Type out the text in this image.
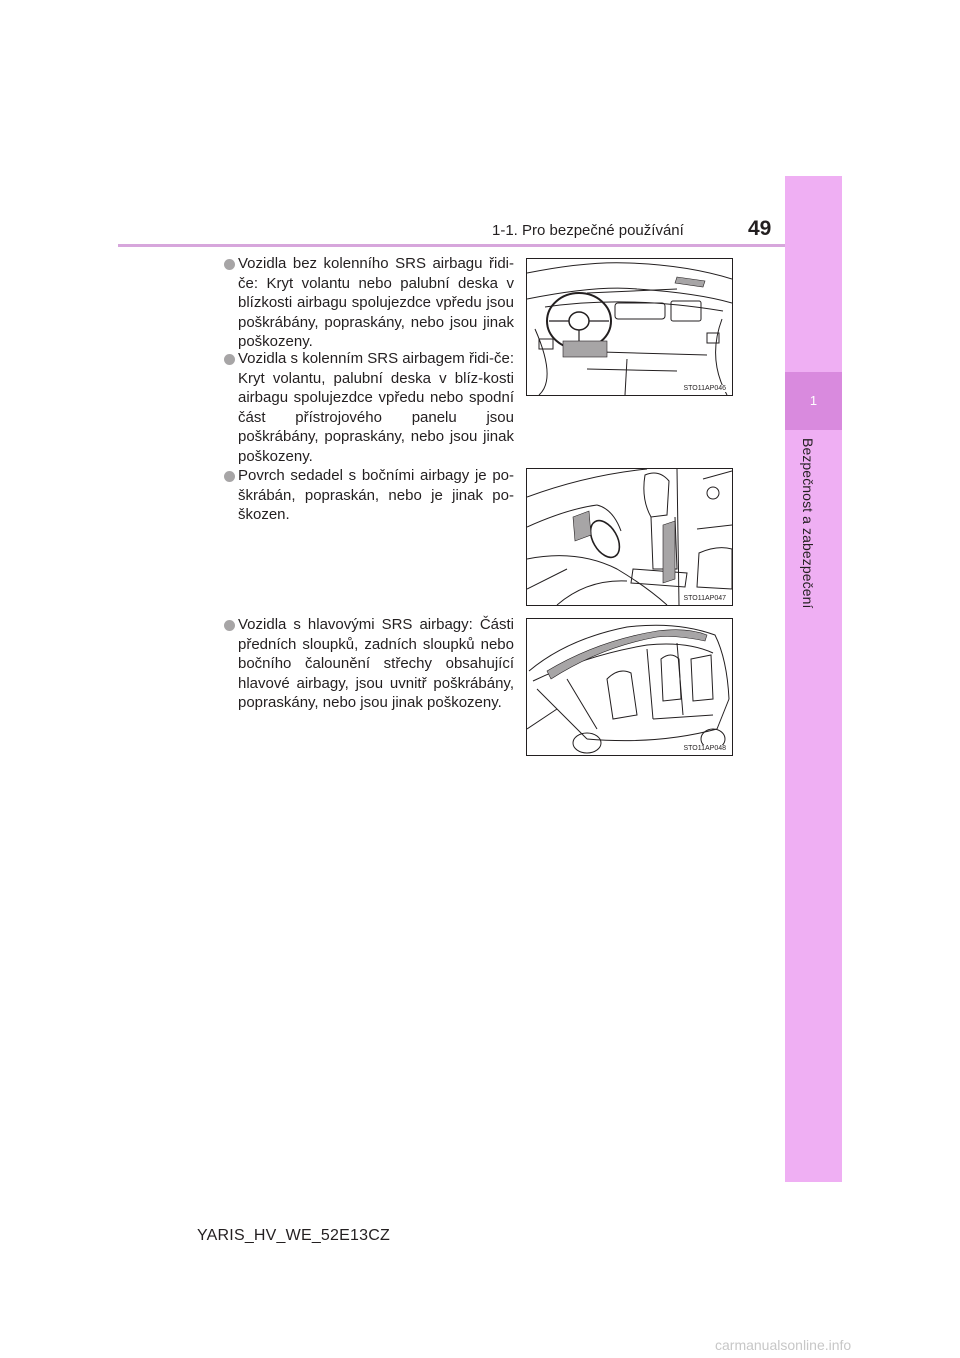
1-1. Pro bezpečné používání	49
1
Bezpečnost a zabezpečení
Vozidla bez kolenního SRS airbagu řidi-če: Kryt volantu nebo palubní deska v blízkosti airbagu spolujezdce vpředu jsou poškrábány, popraskány, nebo jsou jinak poškozeny.
Vozidla s kolenním SRS airbagem řidi-če: Kryt volantu, palubní deska v blíz-kosti airbagu spolujezdce vpředu nebo spodní část přístrojového panelu jsou poškrábány, popraskány, nebo jsou jinak poškozeny.
Povrch sedadel s bočními airbagy je po-škrábán, popraskán, nebo je jinak po-škozen.
Vozidla s hlavovými SRS airbagy: Části předních sloupků, zadních sloupků nebo bočního čalounění střechy obsahující hlavové airbagy, jsou uvnitř poškrábány, popraskány, nebo jsou jinak poškozeny.
STO11AP046
STO11AP047
STO11AP048
YARIS_HV_WE_52E13CZ
carmanualsonline.info
